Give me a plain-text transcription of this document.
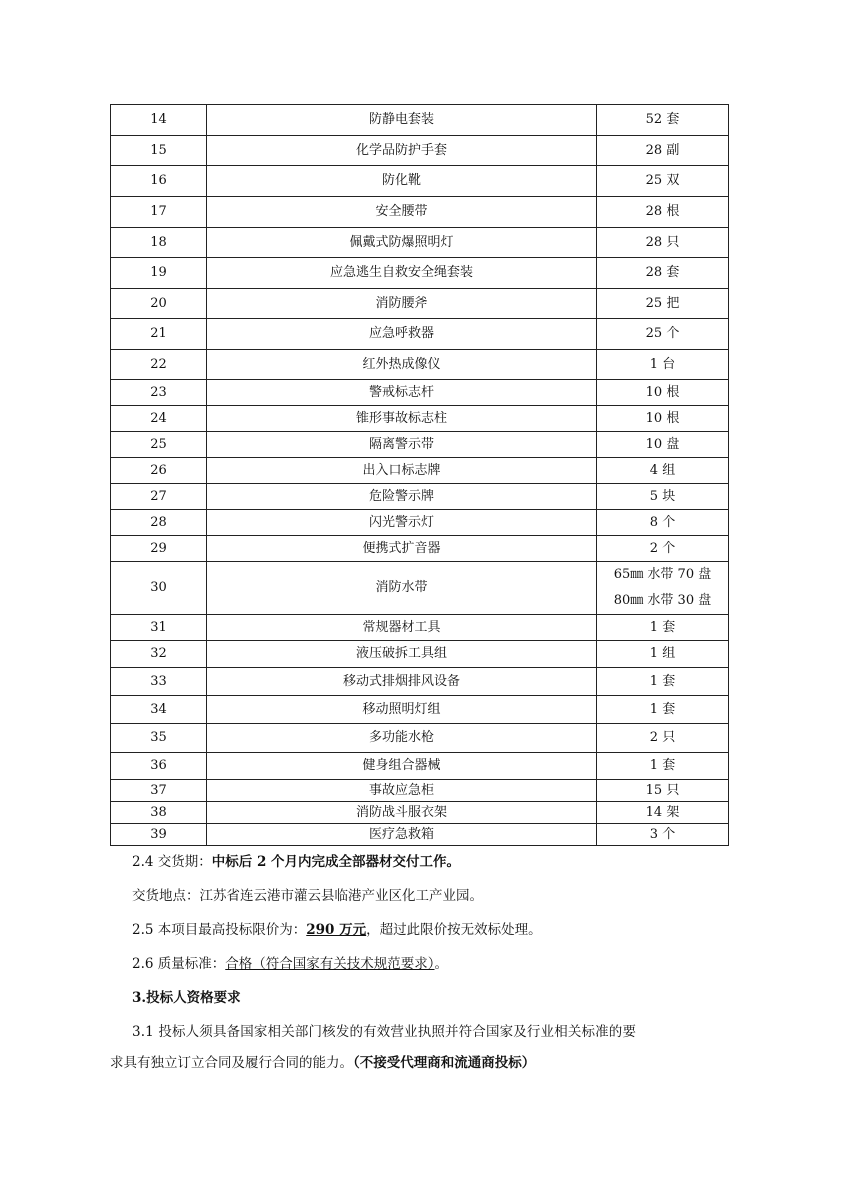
14	防静电套装	52 套
15	化学品防护手套	28 副
16	防化靴	25 双
17	安全腰带	28 根
18	佩戴式防爆照明灯	28 只
19	应急逃生自救安全绳套装	28 套
20	消防腰斧	25 把
21	应急呼救器	25 个
22	红外热成像仪	1 台
23	警戒标志杆	10 根
24	锥形事故标志柱	10 根
25	隔离警示带	10 盘
26	出入口标志牌	4 组
27	危险警示牌	5 块
28	闪光警示灯	8 个
29	便携式扩音器	2 个
30	消防水带	65㎜ 水带 70 盘
80㎜ 水带 30 盘

31	常规器材工具	1 套
32	液压破拆工具组	1 组
33	移动式排烟排风设备	1 套
34	移动照明灯组	1 套
35	多功能水枪	2 只
36	健身组合器械	1 套
37	事故应急柜	15 只
38	消防战斗服衣架	14 架
39	医疗急救箱	3 个
2.4 交货期：中标后 2 个月内完成全部器材交付工作。
交货地点：江苏省连云港市灌云县临港产业区化工产业园。
2.5 本项目最高投标限价为：290 万元，超过此限价按无效标处理。
2.6 质量标准：合格（符合国家有关技术规范要求）。
3.投标人资格要求
3.1 投标人须具备国家相关部门核发的有效营业执照并符合国家及行业相关标准的要
求具有独立订立合同及履行合同的能力。（不接受代理商和流通商投标）
